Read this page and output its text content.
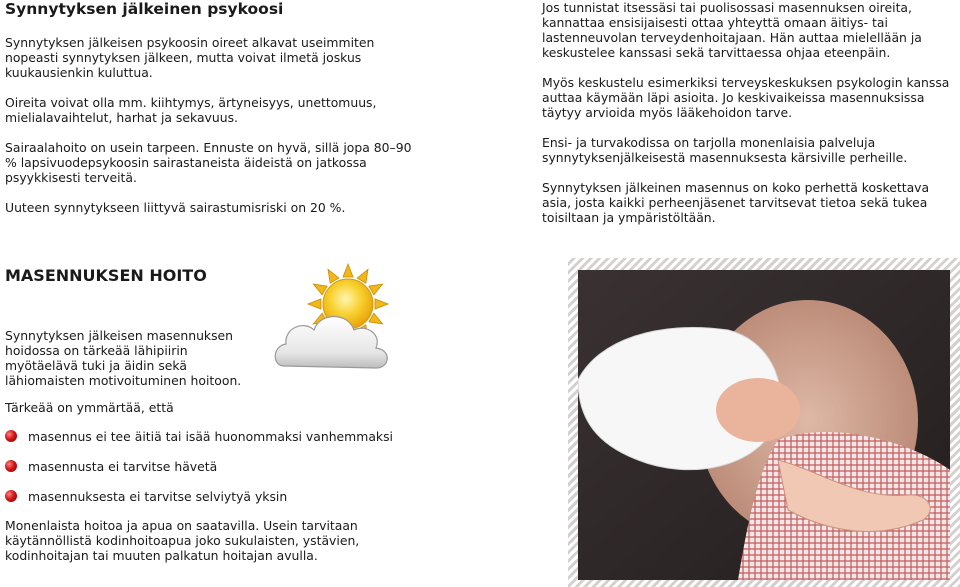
Synnytyksen jälkeinen psykoosi

Synnytyksen jälkeisen psykoosin oireet alkavat useimmiten nopeasti synnytyksen jälkeen, mutta voivat ilmetä joskus kuukausienkin kuluttua.

Oireita voivat olla mm. kiihtymys, ärtyneisyys, unettomuus, mielialavaihtelut, harhat ja sekavuus.

Sairaalahoito on usein tarpeen. Ennuste on hyvä, sillä jopa 80–90 % lapsivuodepsykoosin sairastaneista äideistä on jatkossa psyykkisesti terveitä.

Uuteen synnytykseen liittyvä sairastumisriski on 20 %.

Jos tunnistat itsessäsi tai puolisossasi masennuksen oireita, kannattaa ensisijaisesti ottaa yhteyttä omaan äitiys- tai lastenneuvolan terveydenhoitajaan. Hän auttaa mielellään ja keskustelee kanssasi sekä tarvittaessa ohjaa eteenpäin.

Myös keskustelu esimerkiksi terveyskeskuksen psykologin kanssa auttaa käymään läpi asioita. Jo keskivaikeissa masennuksissa täytyy arvioida myös lääkehoidon tarve.

Ensi- ja turvakodissa on tarjolla monenlaisia palveluja synnytyksenjälkeisestä masennuksesta kärsiville perheille.

Synnytyksen jälkeinen masennus on koko perhettä koskettava asia, josta kaikki perheenjäsenet tarvitsevat tietoa sekä tukea toisiltaan ja ympäristöltään.

MASENNUKSEN HOITO

Synnytyksen jälkeisen masennuksen hoidossa on tärkeää lähipiirin myötäelävä tuki ja äidin sekä lähiomaisten motivoituminen hoitoon.

Tärkeää on ymmärtää, että

masennus ei tee äitiä tai isää huonommaksi vanhemmaksi
masennusta ei tarvitse hävetä
masennuksesta ei tarvitse selviytyä yksin

Monenlaista hoitoa ja apua on saatavilla. Usein tarvitaan käytännöllistä kodinhoitoapua joko sukulaisten, ystävien, kodinhoitajan tai muuten palkatun hoitajan avulla.
